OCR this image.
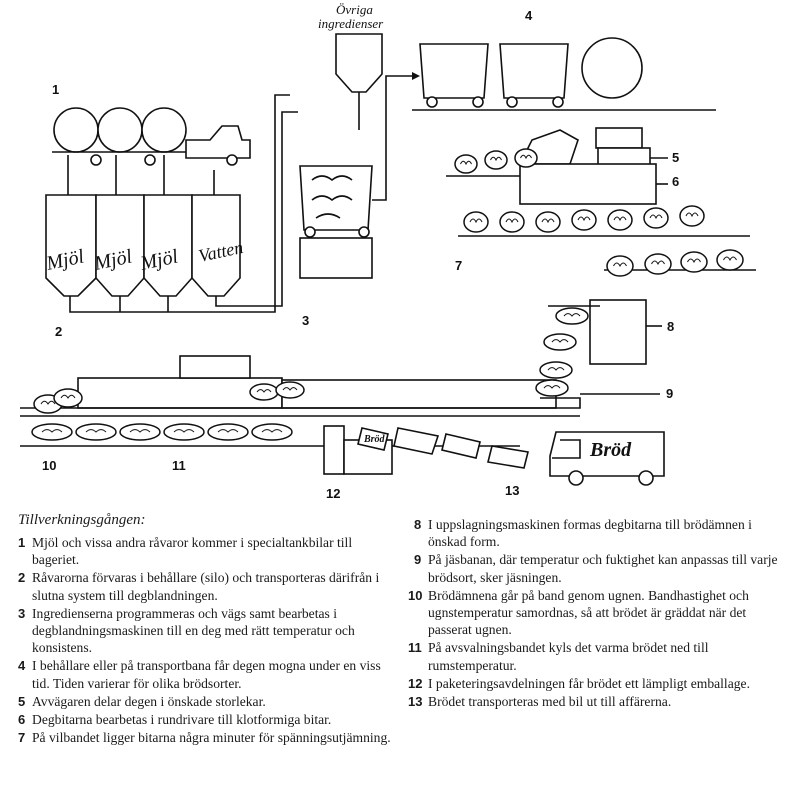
1
2
3
4
5
6
7
8
9
10	11
12	13
Mjöl Mjöl Mjöl Vatten
Övriga
ingredienser
Bröd	Bröd
Tillverkningsgången:
1 Mjöl och vissa andra råvaror kommer i specialtankbilar till bageriet.
2 Råvarorna förvaras i behållare (silo) och transporteras därifrån i slutna system till degblandningen.
3 Ingredienserna programmeras och vägs samt bearbetas i degblandningsmaskinen till en deg med rätt temperatur och konsistens.
4 I behållare eller på transportbana får degen mogna under en viss tid. Tiden varierar för olika brödsorter.
5 Avvägaren delar degen i önskade storlekar.
6 Degbitarna bearbetas i rundrivare till klotformiga bitar.
7 På vilbandet ligger bitarna några minuter för spänningsutjämning.
8 I uppslagningsmaskinen formas degbitarna till brödämnen i önskad form.
9 På jäsbanan, där temperatur och fuktighet kan anpassas till varje brödsort, sker jäsningen.
10 Brödämnena går på band genom ugnen. Bandhastighet och ugnstemperatur samordnas, så att brödet är gräddat när det passerat ugnen.
11 På avsvalningsbandet kyls det varma brödet ned till rumstemperatur.
12 I paketeringsavdelningen får brödet ett lämpligt emballage.
13 Brödet transporteras med bil ut till affärerna.
